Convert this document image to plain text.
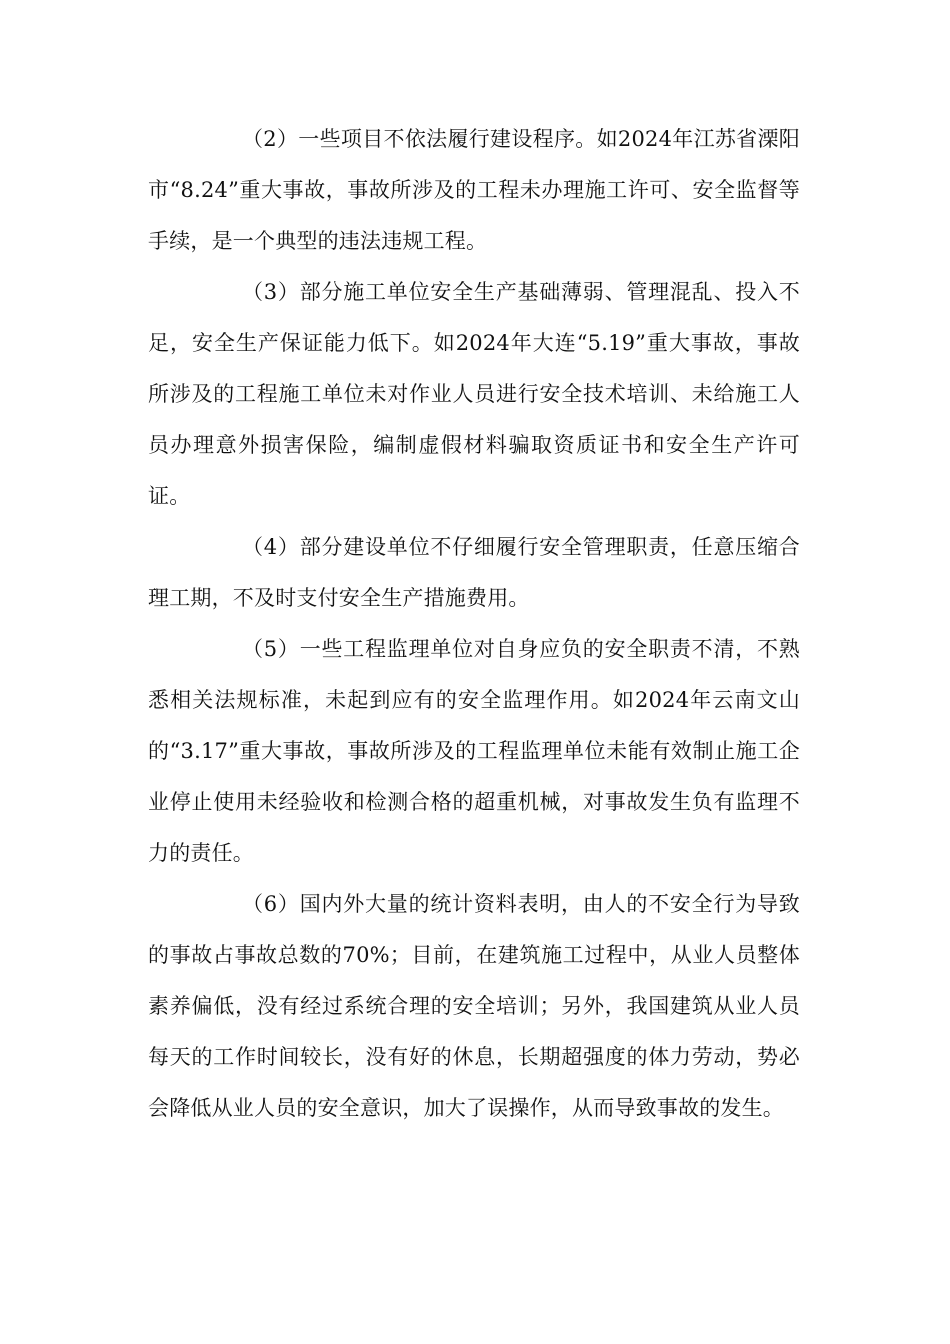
（2）一些项目不依法履行建设程序。如2024年江苏省溧阳市“8.24”重大事故，事故所涉及的工程未办理施工许可、安全监督等手续，是一个典型的违法违规工程。

（3）部分施工单位安全生产基础薄弱、管理混乱、投入不足，安全生产保证能力低下。如2024年大连“5.19”重大事故，事故所涉及的工程施工单位未对作业人员进行安全技术培训、未给施工人员办理意外损害保险，编制虚假材料骗取资质证书和安全生产许可证。

（4）部分建设单位不仔细履行安全管理职责，任意压缩合理工期，不及时支付安全生产措施费用。

（5）一些工程监理单位对自身应负的安全职责不清，不熟悉相关法规标准，未起到应有的安全监理作用。如2024年云南文山的“3.17”重大事故，事故所涉及的工程监理单位未能有效制止施工企业停止使用未经验收和检测合格的超重机械，对事故发生负有监理不力的责任。

（6）国内外大量的统计资料表明，由人的不安全行为导致的事故占事故总数的70%；目前，在建筑施工过程中，从业人员整体素养偏低，没有经过系统合理的安全培训；另外，我国建筑从业人员每天的工作时间较长，没有好的休息，长期超强度的体力劳动，势必会降低从业人员的安全意识，加大了误操作，从而导致事故的发生。
